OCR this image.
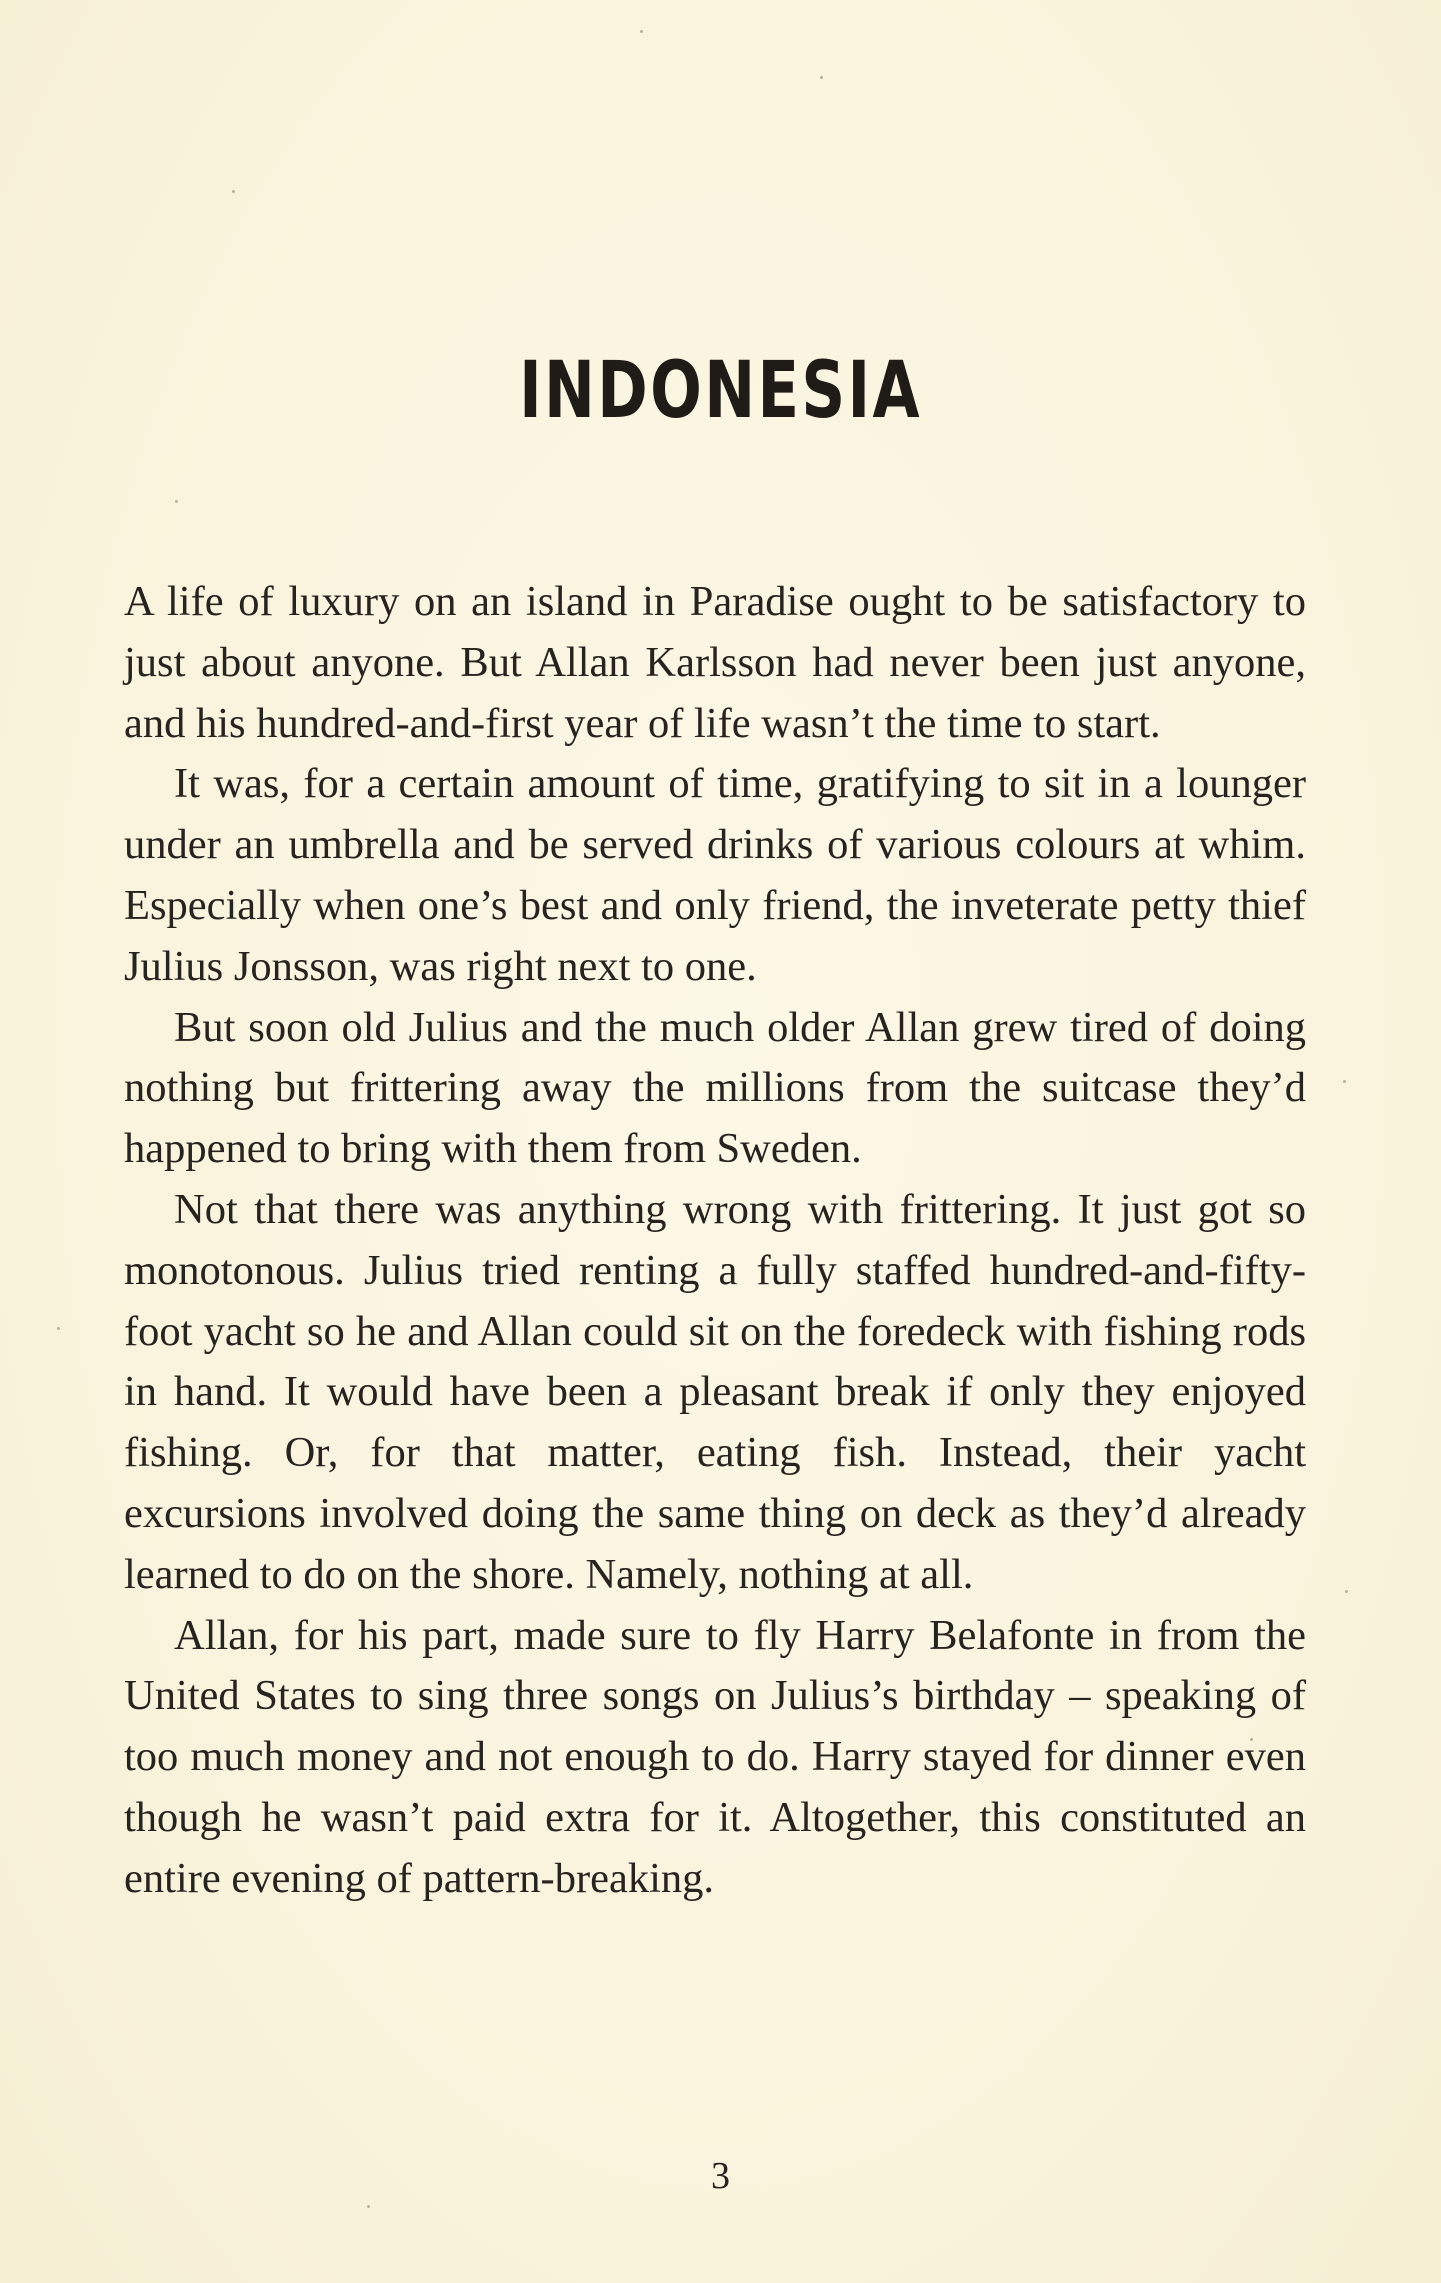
INDONESIA

A life of luxury on an island in Paradise ought to be satisfactory to just about anyone. But Allan Karlsson had never been just anyone, and his hundred-and-first year of life wasn’t the time to start.

It was, for a certain amount of time, gratifying to sit in a lounger under an umbrella and be served drinks of various colours at whim. Especially when one’s best and only friend, the inveterate petty thief Julius Jonsson, was right next to one.

But soon old Julius and the much older Allan grew tired of doing nothing but frittering away the millions from the suitcase they’d happened to bring with them from Sweden.

Not that there was anything wrong with frittering. It just got so monotonous. Julius tried renting a fully staffed hundred-and-fifty-foot yacht so he and Allan could sit on the foredeck with fishing rods in hand. It would have been a pleasant break if only they enjoyed fishing. Or, for that matter, eating fish. Instead, their yacht excursions involved doing the same thing on deck as they’d already learned to do on the shore. Namely, nothing at all.

Allan, for his part, made sure to fly Harry Belafonte in from the United States to sing three songs on Julius’s birthday – speaking of too much money and not enough to do. Harry stayed for dinner even though he wasn’t paid extra for it. Altogether, this constituted an entire evening of pattern-breaking.

3
